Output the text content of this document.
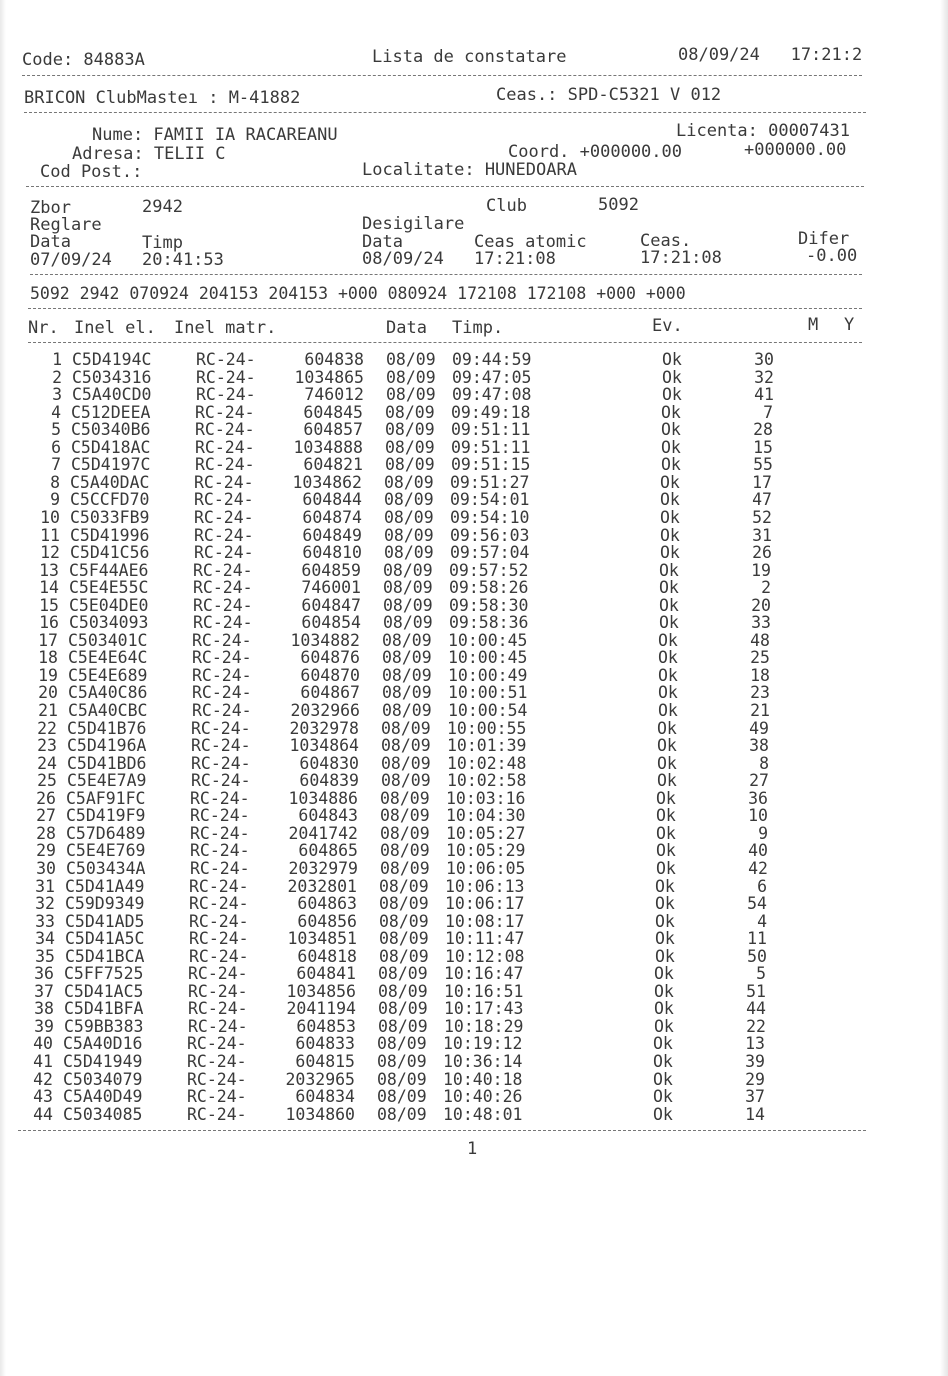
Code: 84883A	Lista de constatare	08/09/24   17:21:2
BRICON ClubMasteı : M-41882	Ceas.: SPD-C5321 V 012
Nume: FAMII IA RACAREANU	Licenta: 00007431
Adresa: TELII C	Coord. +000000.00	+000000.00
Cod Post.:	Localitate: HUNEDOARA
Zbor	2942	Club	5092
Reglare	Desigilare
Data	Timp	Data	Ceas atomic	Ceas.	Difer
07/09/24 20:41:53	08/09/24 17:21:08	17:21:08	-0.00
5092 2942 070924 204153 204153 +000 080924 172108 172108 +000 +000
Nr. Inel el. Inel matr.	Data Timp.	Ev.	M Y
1 C5D4194C	RC-24-	604838 08/09 09:44:59	Ok	30
2 C5034316	RC-24-	1034865 08/09 09:47:05	Ok	32
3 C5A40CD0	RC-24-	746012 08/09 09:47:08	Ok	41
4 C512DEEA	RC-24-	604845 08/09 09:49:18	Ok	7
5 C50340B6	RC-24-	604857 08/09 09:51:11	Ok	28
6 C5D418AC	RC-24-	1034888 08/09 09:51:11	Ok	15
7 C5D4197C	RC-24-	604821 08/09 09:51:15	Ok	55
8 C5A40DAC	RC-24-	1034862 08/09 09:51:27	Ok	17
9 C5CCFD70	RC-24-	604844 08/09 09:54:01	Ok	47
10 C5033FB9	RC-24-	604874 08/09 09:54:10	Ok	52
11 C5D41996	RC-24-	604849 08/09 09:56:03	Ok	31
12 C5D41C56	RC-24-	604810 08/09 09:57:04	Ok	26
13 C5F44AE6	RC-24-	604859 08/09 09:57:52	Ok	19
14 C5E4E55C	RC-24-	746001 08/09 09:58:26	Ok	2
15 C5E04DE0	RC-24-	604847 08/09 09:58:30	Ok	20
16 C5034093	RC-24-	604854 08/09 09:58:36	Ok	33
17 C503401C	RC-24-	1034882 08/09 10:00:45	Ok	48
18 C5E4E64C	RC-24-	604876 08/09 10:00:45	Ok	25
19 C5E4E689	RC-24-	604870 08/09 10:00:49	Ok	18
20 C5A40C86	RC-24-	604867 08/09 10:00:51	Ok	23
21 C5A40CBC	RC-24-	2032966 08/09 10:00:54	Ok	21
22 C5D41B76	RC-24-	2032978 08/09 10:00:55	Ok	49
23 C5D4196A	RC-24-	1034864 08/09 10:01:39	Ok	38
24 C5D41BD6	RC-24-	604830 08/09 10:02:48	Ok	8
25 C5E4E7A9	RC-24-	604839 08/09 10:02:58	Ok	27
26 C5AF91FC	RC-24-	1034886 08/09 10:03:16	Ok	36
27 C5D419F9	RC-24-	604843 08/09 10:04:30	Ok	10
28 C57D6489	RC-24-	2041742 08/09 10:05:27	Ok	9
29 C5E4E769	RC-24-	604865 08/09 10:05:29	Ok	40
30 C503434A	RC-24-	2032979 08/09 10:06:05	Ok	42
31 C5D41A49	RC-24-	2032801 08/09 10:06:13	Ok	6
32 C59D9349	RC-24-	604863 08/09 10:06:17	Ok	54
33 C5D41AD5	RC-24-	604856 08/09 10:08:17	Ok	4
34 C5D41A5C	RC-24-	1034851 08/09 10:11:47	Ok	11
35 C5D41BCA	RC-24-	604818 08/09 10:12:08	Ok	50
36 C5FF7525	RC-24-	604841 08/09 10:16:47	Ok	5
37 C5D41AC5	RC-24-	1034856 08/09 10:16:51	Ok	51
38 C5D41BFA	RC-24-	2041194 08/09 10:17:43	Ok	44
39 C59BB383	RC-24-	604853 08/09 10:18:29	Ok	22
40 C5A40D16	RC-24-	604833 08/09 10:19:12	Ok	13
41 C5D41949	RC-24-	604815 08/09 10:36:14	Ok	39
42 C5034079	RC-24-	2032965 08/09 10:40:18	Ok	29
43 C5A40D49	RC-24-	604834 08/09 10:40:26	Ok	37
44 C5034085	RC-24-	1034860 08/09 10:48:01	Ok	14
1
